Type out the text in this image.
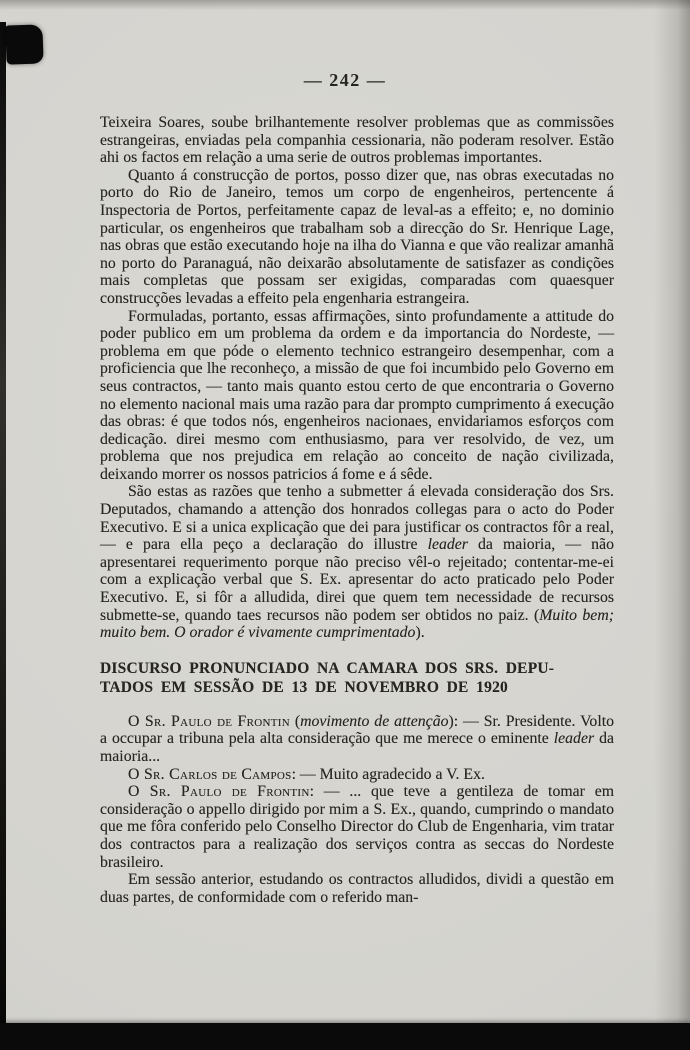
— 242 —

Teixeira Soares, soube brilhantemente resolver problemas que as commissões estrangeiras, enviadas pela companhia cessionaria, não poderam resolver. Estão ahi os factos em relação a uma serie de outros problemas importantes.

Quanto á construcção de portos, posso dizer que, nas obras executadas no porto do Rio de Janeiro, temos um corpo de engenheiros, pertencente á Inspectoria de Portos, perfeitamente capaz de leval-as a effeito; e, no dominio particular, os engenheiros que trabalham sob a direcção do Sr. Henrique Lage, nas obras que estão executando hoje na ilha do Vianna e que vão realizar amanhã no porto do Paranaguá, não deixarão absolutamente de satisfazer as condições mais completas que possam ser exigidas, comparadas com quaesquer construcções levadas a effeito pela engenharia estrangeira.

Formuladas, portanto, essas affirmações, sinto profundamente a attitude do poder publico em um problema da ordem e da importancia do Nordeste, — problema em que póde o elemento technico estrangeiro desempenhar, com a proficiencia que lhe reconheço, a missão de que foi incumbido pelo Governo em seus contractos, — tanto mais quanto estou certo de que encontraria o Governo no elemento nacional mais uma razão para dar prompto cumprimento á execução das obras: é que todos nós, engenheiros nacionaes, envidariamos esforços com dedicação. direi mesmo com enthusiasmo, para ver resolvido, de vez, um problema que nos prejudica em relação ao conceito de nação civilizada, deixando morrer os nossos patricios á fome e á sêde.

São estas as razões que tenho a submetter á elevada consideração dos Srs. Deputados, chamando a attenção dos honrados collegas para o acto do Poder Executivo. E si a unica explicação que dei para justificar os contractos fôr a real, — e para ella peço a declaração do illustre leader da maioria, — não apresentarei requerimento porque não preciso vêl-o rejeitado; contentar-me-ei com a explicação verbal que S. Ex. apresentar do acto praticado pelo Poder Executivo. E, si fôr a alludida, direi que quem tem necessidade de recursos submette-se, quando taes recursos não podem ser obtidos no paiz. (Muito bem; muito bem. O orador é vivamente cumprimentado).

DISCURSO PRONUNCIADO NA CAMARA DOS SRS. DEPU-
TADOS EM SESSÃO DE 13 DE NOVEMBRO DE 1920

O Sr. Paulo de Frontin (movimento de attenção): — Sr. Presidente. Volto a occupar a tribuna pela alta consideração que me merece o eminente leader da maioria...

O Sr. Carlos de Campos: — Muito agradecido a V. Ex.

O Sr. Paulo de Frontin: — ... que teve a gentileza de tomar em consideração o appello dirigido por mim a S. Ex., quando, cumprindo o mandato que me fôra conferido pelo Conselho Director do Club de Engenharia, vim tratar dos contractos para a realização dos serviços contra as seccas do Nordeste brasileiro.

Em sessão anterior, estudando os contractos alludidos, dividi a questão em duas partes, de conformidade com o referido man-
